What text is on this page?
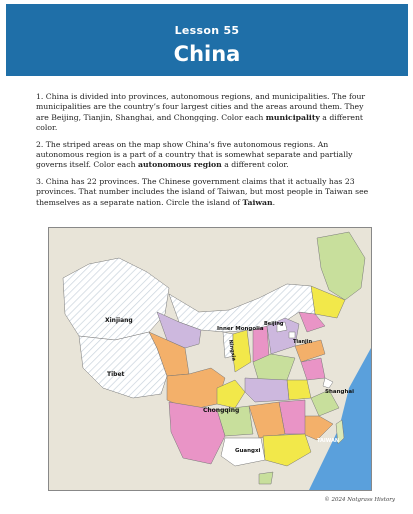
Lesson 55
China

1. China is divided into provinces, autonomous regions, and municipalities. The four municipalities are the country’s four largest cities and the areas around them. They are Beijing, Tianjin, Shanghai, and Chongqing. Color each municipality a different color.

2. The striped areas on the map show China’s five autonomous regions. An autonomous region is a part of a country that is somewhat separate and partially governs itself. Color each autonomous region a different color.

3. China has 22 provinces. The Chinese government claims that it actually has 23 provinces. That number includes the island of Taiwan, but most people in Taiwan see themselves as a separate nation. Circle the island of Taiwan.

Xinjiang
Tibet
Inner Mongolia
Ningxia
Beijing
Tianjin
Shanghai
Chongqing
Guangxi
TAIWAN
© 2024 Notgrass History
